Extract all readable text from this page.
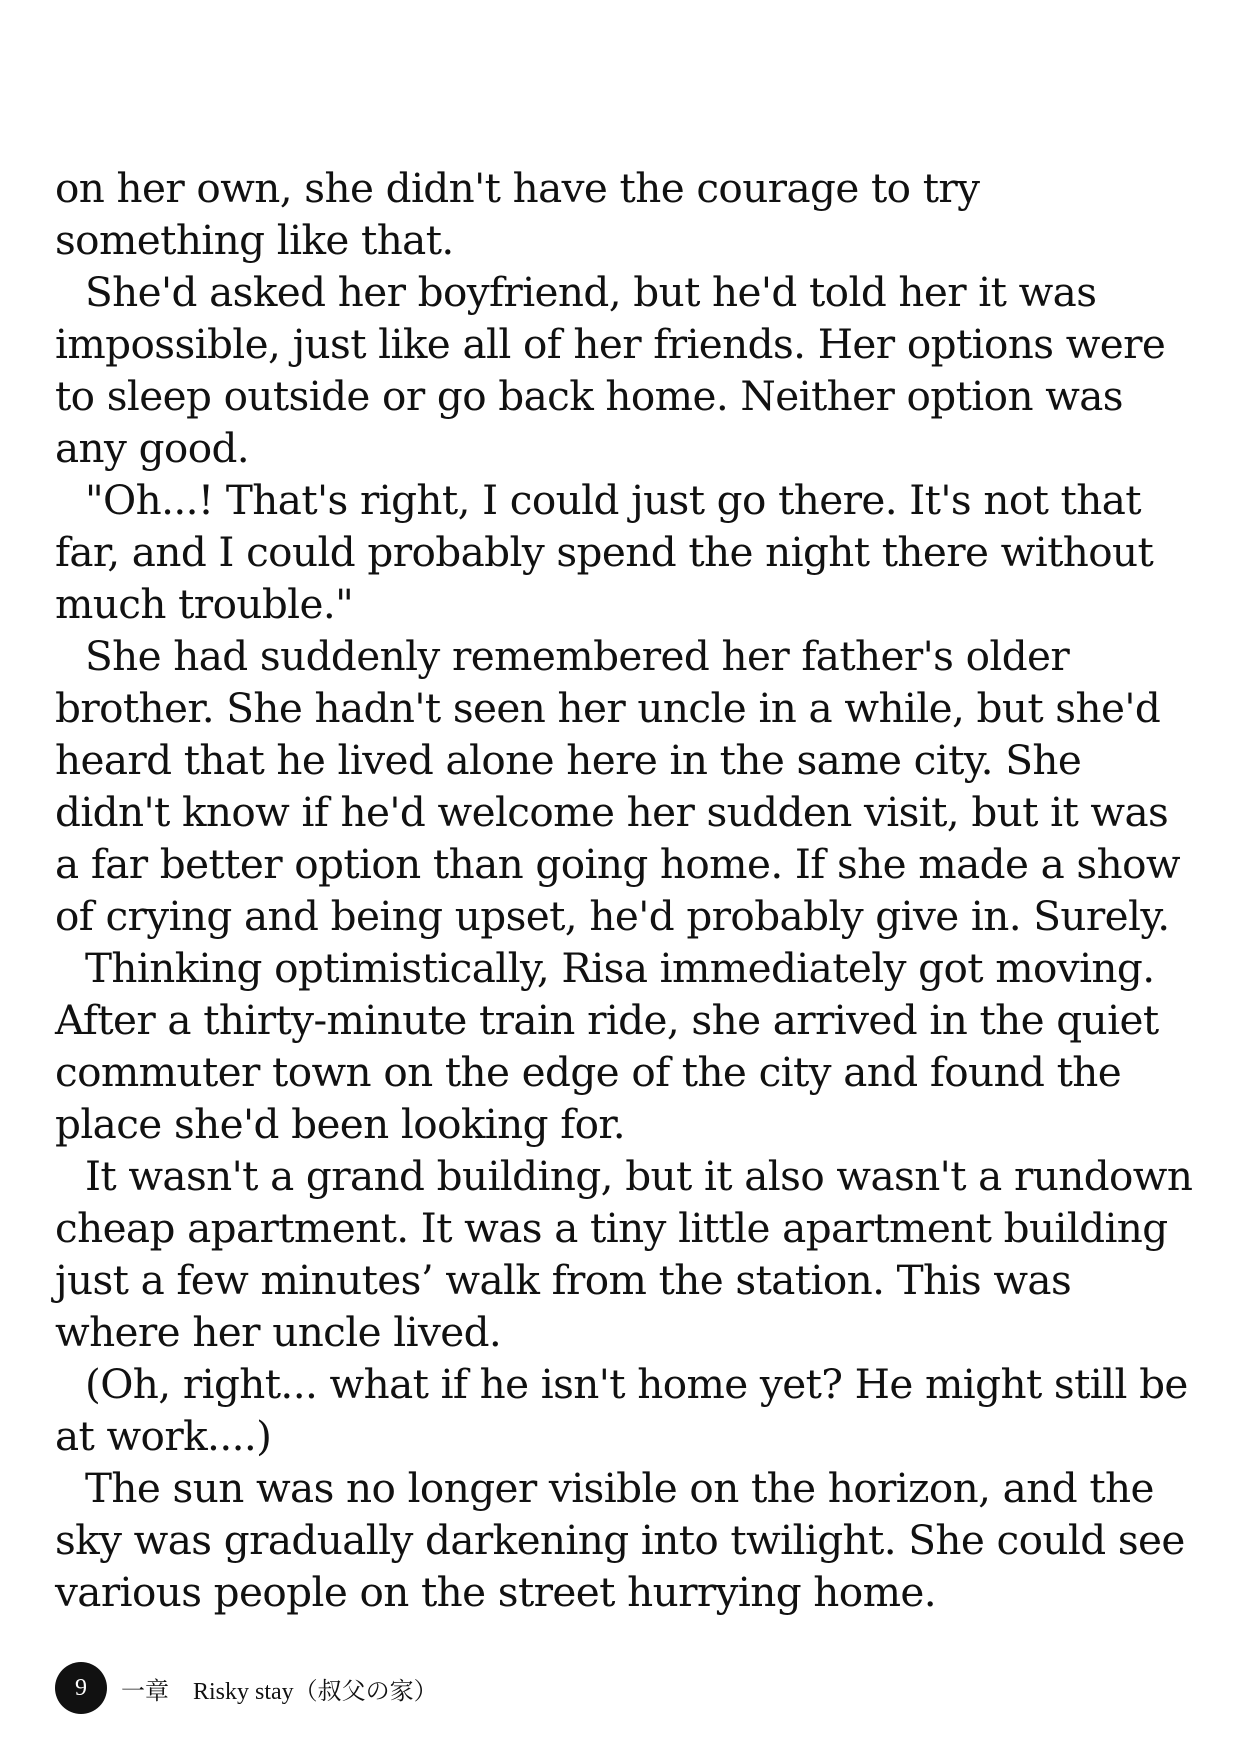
on her own, she didn't have the courage to try something like that.

She'd asked her boyfriend, but he'd told her it was impossible, just like all of her friends. Her options were to sleep outside or go back home. Neither option was any good.

"Oh...! That's right, I could just go there. It's not that far, and I could probably spend the night there without much trouble."

She had suddenly remembered her father's older brother. She hadn't seen her uncle in a while, but she'd heard that he lived alone here in the same city. She didn't know if he'd welcome her sudden visit, but it was a far better option than going home. If she made a show of crying and being upset, he'd probably give in. Surely.

Thinking optimistically, Risa immediately got moving. After a thirty-minute train ride, she arrived in the quiet commuter town on the edge of the city and found the place she'd been looking for.

It wasn't a grand building, but it also wasn't a rundown cheap apartment. It was a tiny little apartment building just a few minutes’ walk from the station. This was where her uncle lived.

(Oh, right... what if he isn't home yet? He might still be at work....)

The sun was no longer visible on the horizon, and the sky was gradually darkening into twilight. She could see various people on the street hurrying home.

9	一章　Risky stay（叔父の家）
